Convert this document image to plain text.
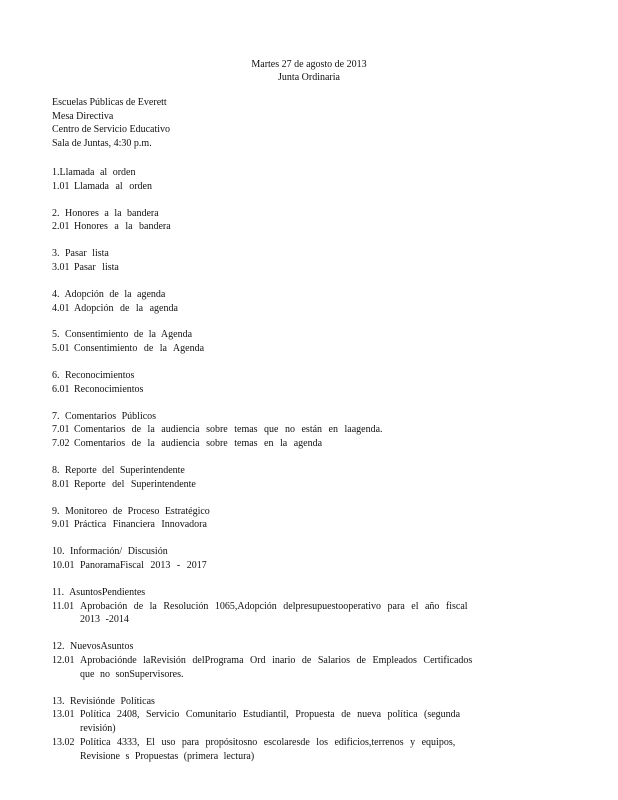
Martes 27 de agosto de 2013
Junta Ordinaria
Escuelas Públicas de Everett
Mesa Directiva
Centro de Servicio Educativo
Sala de Juntas, 4:30 p.m.
1.Llamada al orden
1.01 Llamada al orden
2. Honores a la bandera
2.01 Honores a la bandera
3. Pasar lista
3.01 Pasar lista
4. Adopción de la agenda
4.01 Adopción de la agenda
5. Consentimiento de la Agenda
5.01 Consentimiento de la Agenda
6. Reconocimientos
6.01 Reconocimientos
7. Comentarios Públicos
7.01 Comentarios de la audiencia sobre temas que no están en laagenda.
7.02 Comentarios de la audiencia sobre temas en la agenda
8. Reporte del Superintendente
8.01 Reporte del Superintendente
9. Monitoreo de Proceso Estratégico
9.01 Práctica Financiera Innovadora
10. Información/ Discusión
10.01 PanoramaFiscal 2013 - 2017
11. AsuntosPendientes
11.01 Aprobación de la Resolución 1065,Adopción delpresupuestooperativo para el año fiscal
2013 -2014
12. NuevosAsuntos
12.01 Aprobaciónde laRevisión delPrograma Ord inario de Salarios de Empleados Certificados
que no sonSupervisores.
13. Revisiónde Políticas
13.01 Política 2408, Servicio Comunitario Estudiantil, Propuesta de nueva política (segunda
revisión)
13.02 Política 4333, El uso para propósitosno escolaresde los edificios,terrenos y equipos,
Revisione s Propuestas (primera lectura)
